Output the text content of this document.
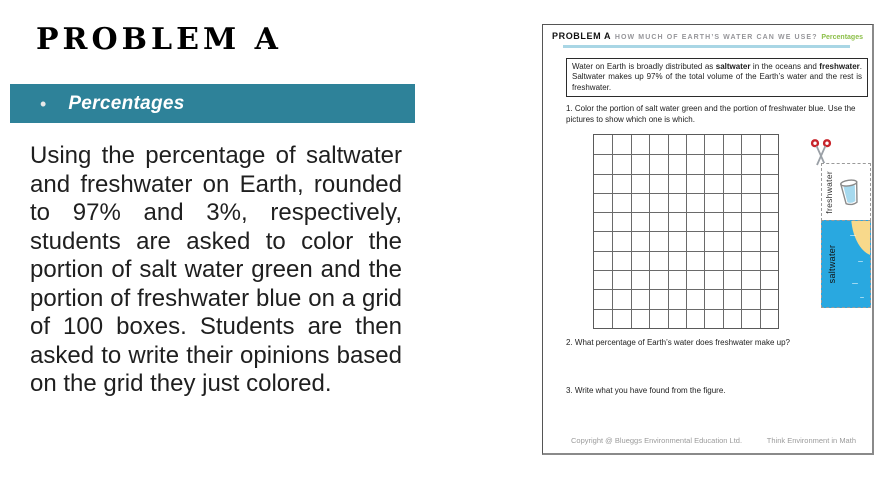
PROBLEM A
• Percentages

Using the percentage of saltwater and freshwater on Earth, rounded to 97% and 3%, respectively, students are asked to color the portion of salt water green and the portion of freshwater blue on a grid of 100 boxes. Students are then asked to write their opinions based on the grid they just colored.

PROBLEM A HOW MUCH OF EARTH’S WATER CAN WE USE? Percentages
Water on Earth is broadly distributed as saltwater in the oceans and freshwater. Saltwater makes up 97% of the total volume of the Earth’s water and the rest is freshwater.

1. Color the portion of salt water green and the portion of freshwater blue. Use the pictures to show which one is which.

freshwater
saltwater

2. What percentage of Earth’s water does freshwater make up?

3. Write what you have found from the figure.

Copyright @ Blueggs Environmental Education Ltd.	Think Environment in Math
